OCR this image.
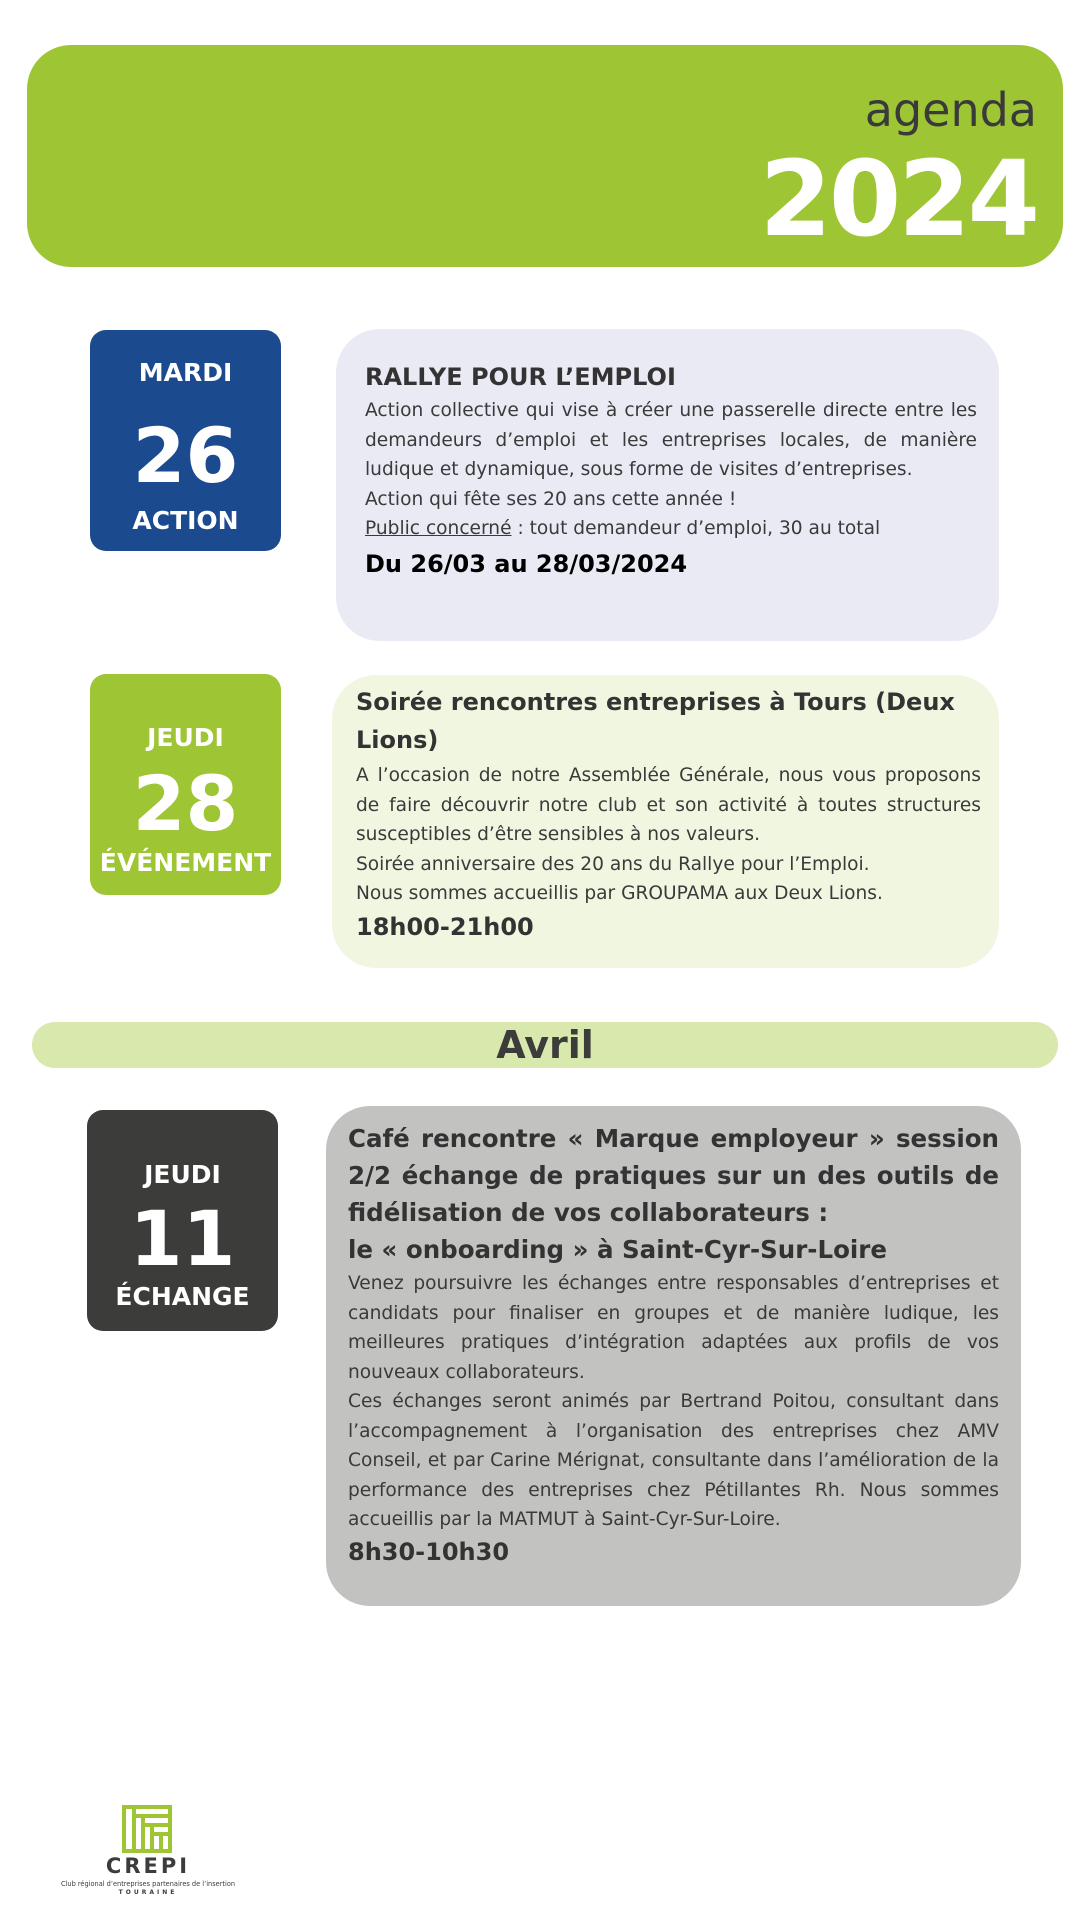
agenda
2024
MARDI
26
ACTION
RALLYE POUR L’EMPLOI

Action collective qui vise à créer une passerelle directe entre les demandeurs d’emploi et les entreprises locales, de manière ludique et dynamique, sous forme de visites d’entreprises.

Action qui fête ses 20 ans cette année !

Public concerné : tout demandeur d’emploi, 30 au total

Du 26/03 au 28/03/2024
JEUDI
28
ÉVÉNEMENT
Soirée rencontres entreprises à Tours (Deux Lions)

A l’occasion de notre Assemblée Générale, nous vous proposons de faire découvrir notre club et son activité à toutes structures susceptibles d’être sensibles à nos valeurs.

Soirée anniversaire des 20 ans du Rallye pour l’Emploi.

Nous sommes accueillis par GROUPAMA aux Deux Lions.

18h00-21h00
Avril
JEUDI
11
ÉCHANGE
Café rencontre « Marque employeur » session 2/2 échange de pratiques sur un des outils de fidélisation de vos collaborateurs :
le « onboarding » à Saint-Cyr-Sur-Loire

Venez poursuivre les échanges entre responsables d’entreprises et candidats pour finaliser en groupes et de manière ludique, les meilleures pratiques d’intégration adaptées aux profils de vos nouveaux collaborateurs.

Ces échanges seront animés par Bertrand Poitou, consultant dans l’accompagnement à l’organisation des entreprises chez AMV Conseil, et par Carine Mérignat, consultante dans l’amélioration de la performance des entreprises chez Pétillantes Rh. Nous sommes accueillis par la MATMUT à Saint-Cyr-Sur-Loire.

8h30-10h30
CREPI
Club régional d’entreprises partenaires de l’insertion
TOURAINE
